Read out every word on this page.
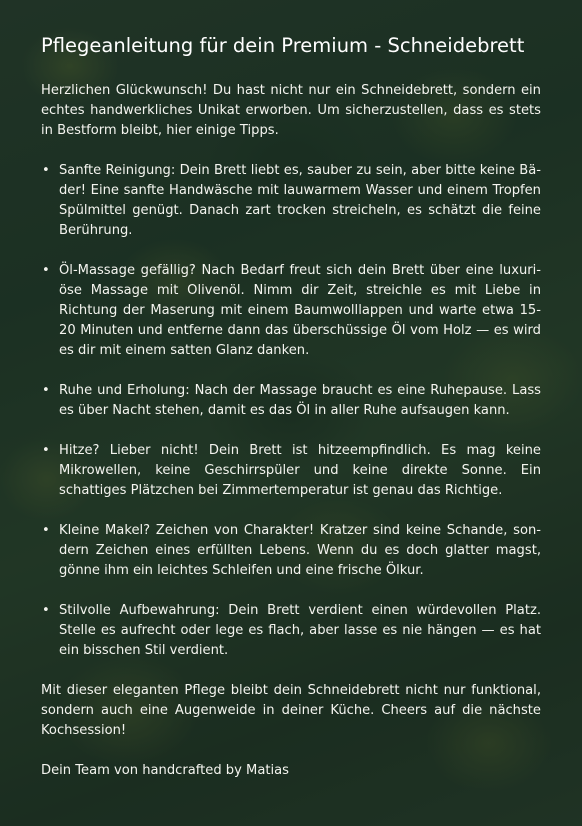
Pflegeanleitung für dein Premium - Schneidebrett

Herzlichen Glückwunsch! Du hast nicht nur ein Schneidebrett, sondern ein echtes handwerkliches Unikat erworben. Um sicherzustellen, dass es stets in Bestform bleibt, hier einige Tipps.

• Sanfte Reinigung: Dein Brett liebt es, sauber zu sein, aber bitte keine Bäder! Eine sanfte Handwäsche mit lauwarmem Wasser und einem Tropfen Spülmittel genügt. Danach zart trocken streicheln, es schätzt die feine Berührung.
• Öl-Massage gefällig? Nach Bedarf freut sich dein Brett über eine luxuriöse Massage mit Olivenöl. Nimm dir Zeit, streichle es mit Liebe in Richtung der Maserung mit einem Baumwolllappen und warte etwa 15-20 Minuten und entferne dann das überschüssige Öl vom Holz — es wird es dir mit einem satten Glanz danken.
• Ruhe und Erholung: Nach der Massage braucht es eine Ruhepause. Lass es über Nacht stehen, damit es das Öl in aller Ruhe aufsaugen kann.
• Hitze? Lieber nicht! Dein Brett ist hitzeempfindlich. Es mag keine Mikrowellen, keine Geschirrspüler und keine direkte Sonne. Ein schattiges Plätzchen bei Zimmertemperatur ist genau das Richtige.
• Kleine Makel? Zeichen von Charakter! Kratzer sind keine Schande, sondern Zeichen eines erfüllten Lebens. Wenn du es doch glatter magst, gönne ihm ein leichtes Schleifen und eine frische Ölkur.
• Stilvolle Aufbewahrung: Dein Brett verdient einen würdevollen Platz. Stelle es aufrecht oder lege es flach, aber lasse es nie hängen — es hat ein bisschen Stil verdient.

Mit dieser eleganten Pflege bleibt dein Schneidebrett nicht nur funktional, sondern auch eine Augenweide in deiner Küche. Cheers auf die nächste Kochsession!

Dein Team von handcrafted by Matias
